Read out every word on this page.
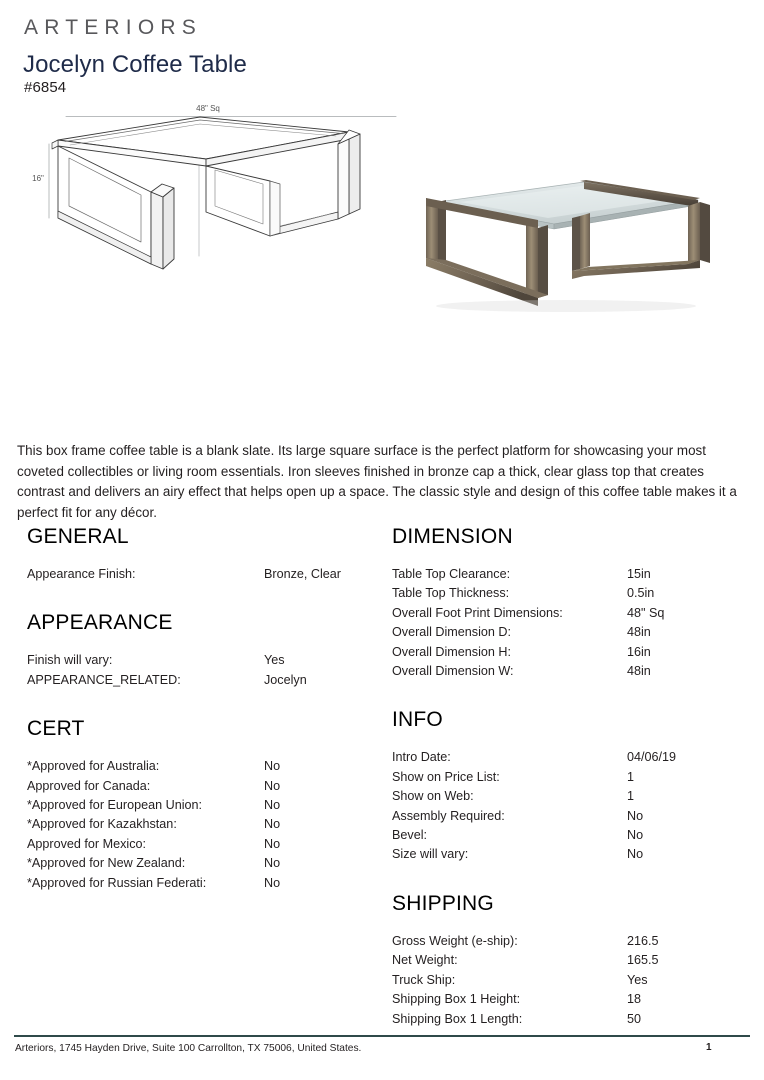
ARTERIORS
Jocelyn Coffee Table
#6854
48" Sq
16"

This box frame coffee table is a blank slate. Its large square surface is the perfect platform for showcasing your most coveted collectibles or living room essentials. Iron sleeves finished in bronze cap a thick, clear glass top that creates contrast and delivers an airy effect that helps open up a space. The classic style and design of this coffee table makes it a perfect fit for any décor.

GENERAL
Appearance Finish:	Bronze, Clear
APPEARANCE
Finish will vary:	Yes
APPEARANCE_RELATED:	Jocelyn
CERT
*Approved for Australia:	No
Approved for Canada:	No
*Approved for European Union:	No
*Approved for Kazakhstan:	No
Approved for Mexico:	No
*Approved for New Zealand:	No
*Approved for Russian Federati:	No
DIMENSION
Table Top Clearance:	15in
Table Top Thickness:	0.5in
Overall Foot Print Dimensions:	48" Sq
Overall Dimension D:	48in
Overall Dimension H:	16in
Overall Dimension W:	48in
INFO
Intro Date:	04/06/19
Show on Price List:	1
Show on Web:	1
Assembly Required:	No
Bevel:	No
Size will vary:	No
SHIPPING
Gross Weight (e-ship):	216.5
Net Weight:	165.5
Truck Ship:	Yes
Shipping Box 1 Height:	18
Shipping Box 1 Length:	50
Arteriors, 1745 Hayden Drive, Suite 100 Carrollton, TX 75006, United States.	1
